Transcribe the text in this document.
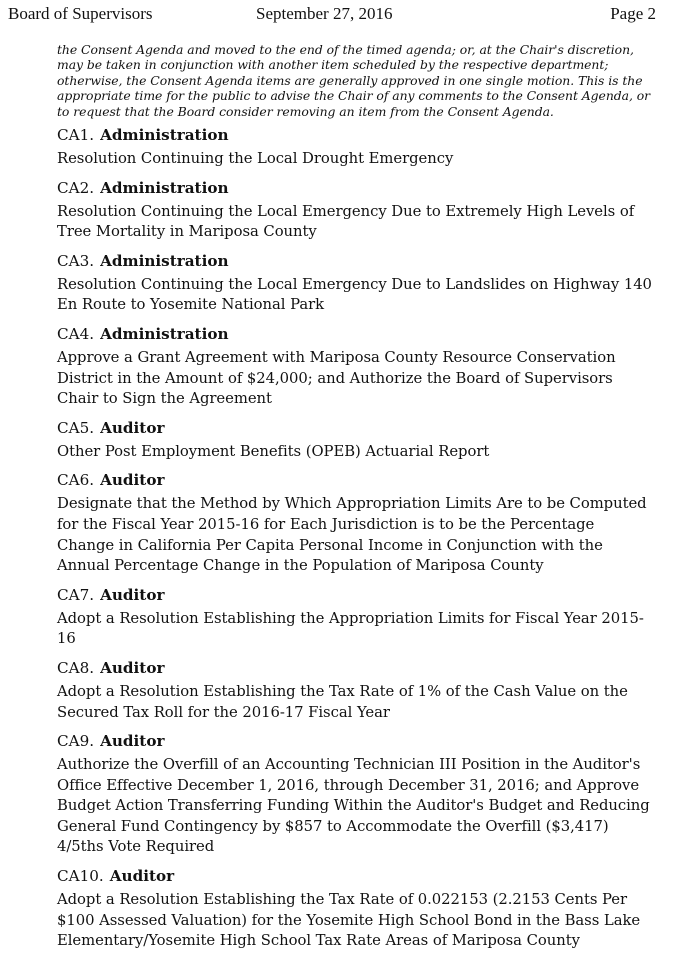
Board of Supervisors	September 27, 2016	Page 2
the Consent Agenda and moved to the end of the timed agenda; or, at the Chair's discretion,
may be taken in conjunction with another item scheduled by the respective department;
otherwise, the Consent Agenda items are generally approved in one single motion. This is the
appropriate time for the public to advise the Chair of any comments to the Consent Agenda, or
to request that the Board consider removing an item from the Consent Agenda.
CA1. Administration
Resolution Continuing the Local Drought Emergency
CA2. Administration
Resolution Continuing the Local Emergency Due to Extremely High Levels of
Tree Mortality in Mariposa County
CA3. Administration
Resolution Continuing the Local Emergency Due to Landslides on Highway 140
En Route to Yosemite National Park
CA4. Administration
Approve a Grant Agreement with Mariposa County Resource Conservation
District in the Amount of $24,000; and Authorize the Board of Supervisors
Chair to Sign the Agreement
CA5. Auditor
Other Post Employment Benefits (OPEB) Actuarial Report
CA6. Auditor
Designate that the Method by Which Appropriation Limits Are to be Computed
for the Fiscal Year 2015-16 for Each Jurisdiction is to be the Percentage
Change in California Per Capita Personal Income in Conjunction with the
Annual Percentage Change in the Population of Mariposa County
CA7. Auditor
Adopt a Resolution Establishing the Appropriation Limits for Fiscal Year 2015-
16
CA8. Auditor
Adopt a Resolution Establishing the Tax Rate of 1% of the Cash Value on the
Secured Tax Roll for the 2016-17 Fiscal Year
CA9. Auditor
Authorize the Overfill of an Accounting Technician III Position in the Auditor's
Office Effective December 1, 2016, through December 31, 2016; and Approve
Budget Action Transferring Funding Within the Auditor's Budget and Reducing
General Fund Contingency by $857 to Accommodate the Overfill ($3,417)
4/5ths Vote Required
CA10. Auditor
Adopt a Resolution Establishing the Tax Rate of 0.022153 (2.2153 Cents Per
$100 Assessed Valuation) for the Yosemite High School Bond in the Bass Lake
Elementary/Yosemite High School Tax Rate Areas of Mariposa County
